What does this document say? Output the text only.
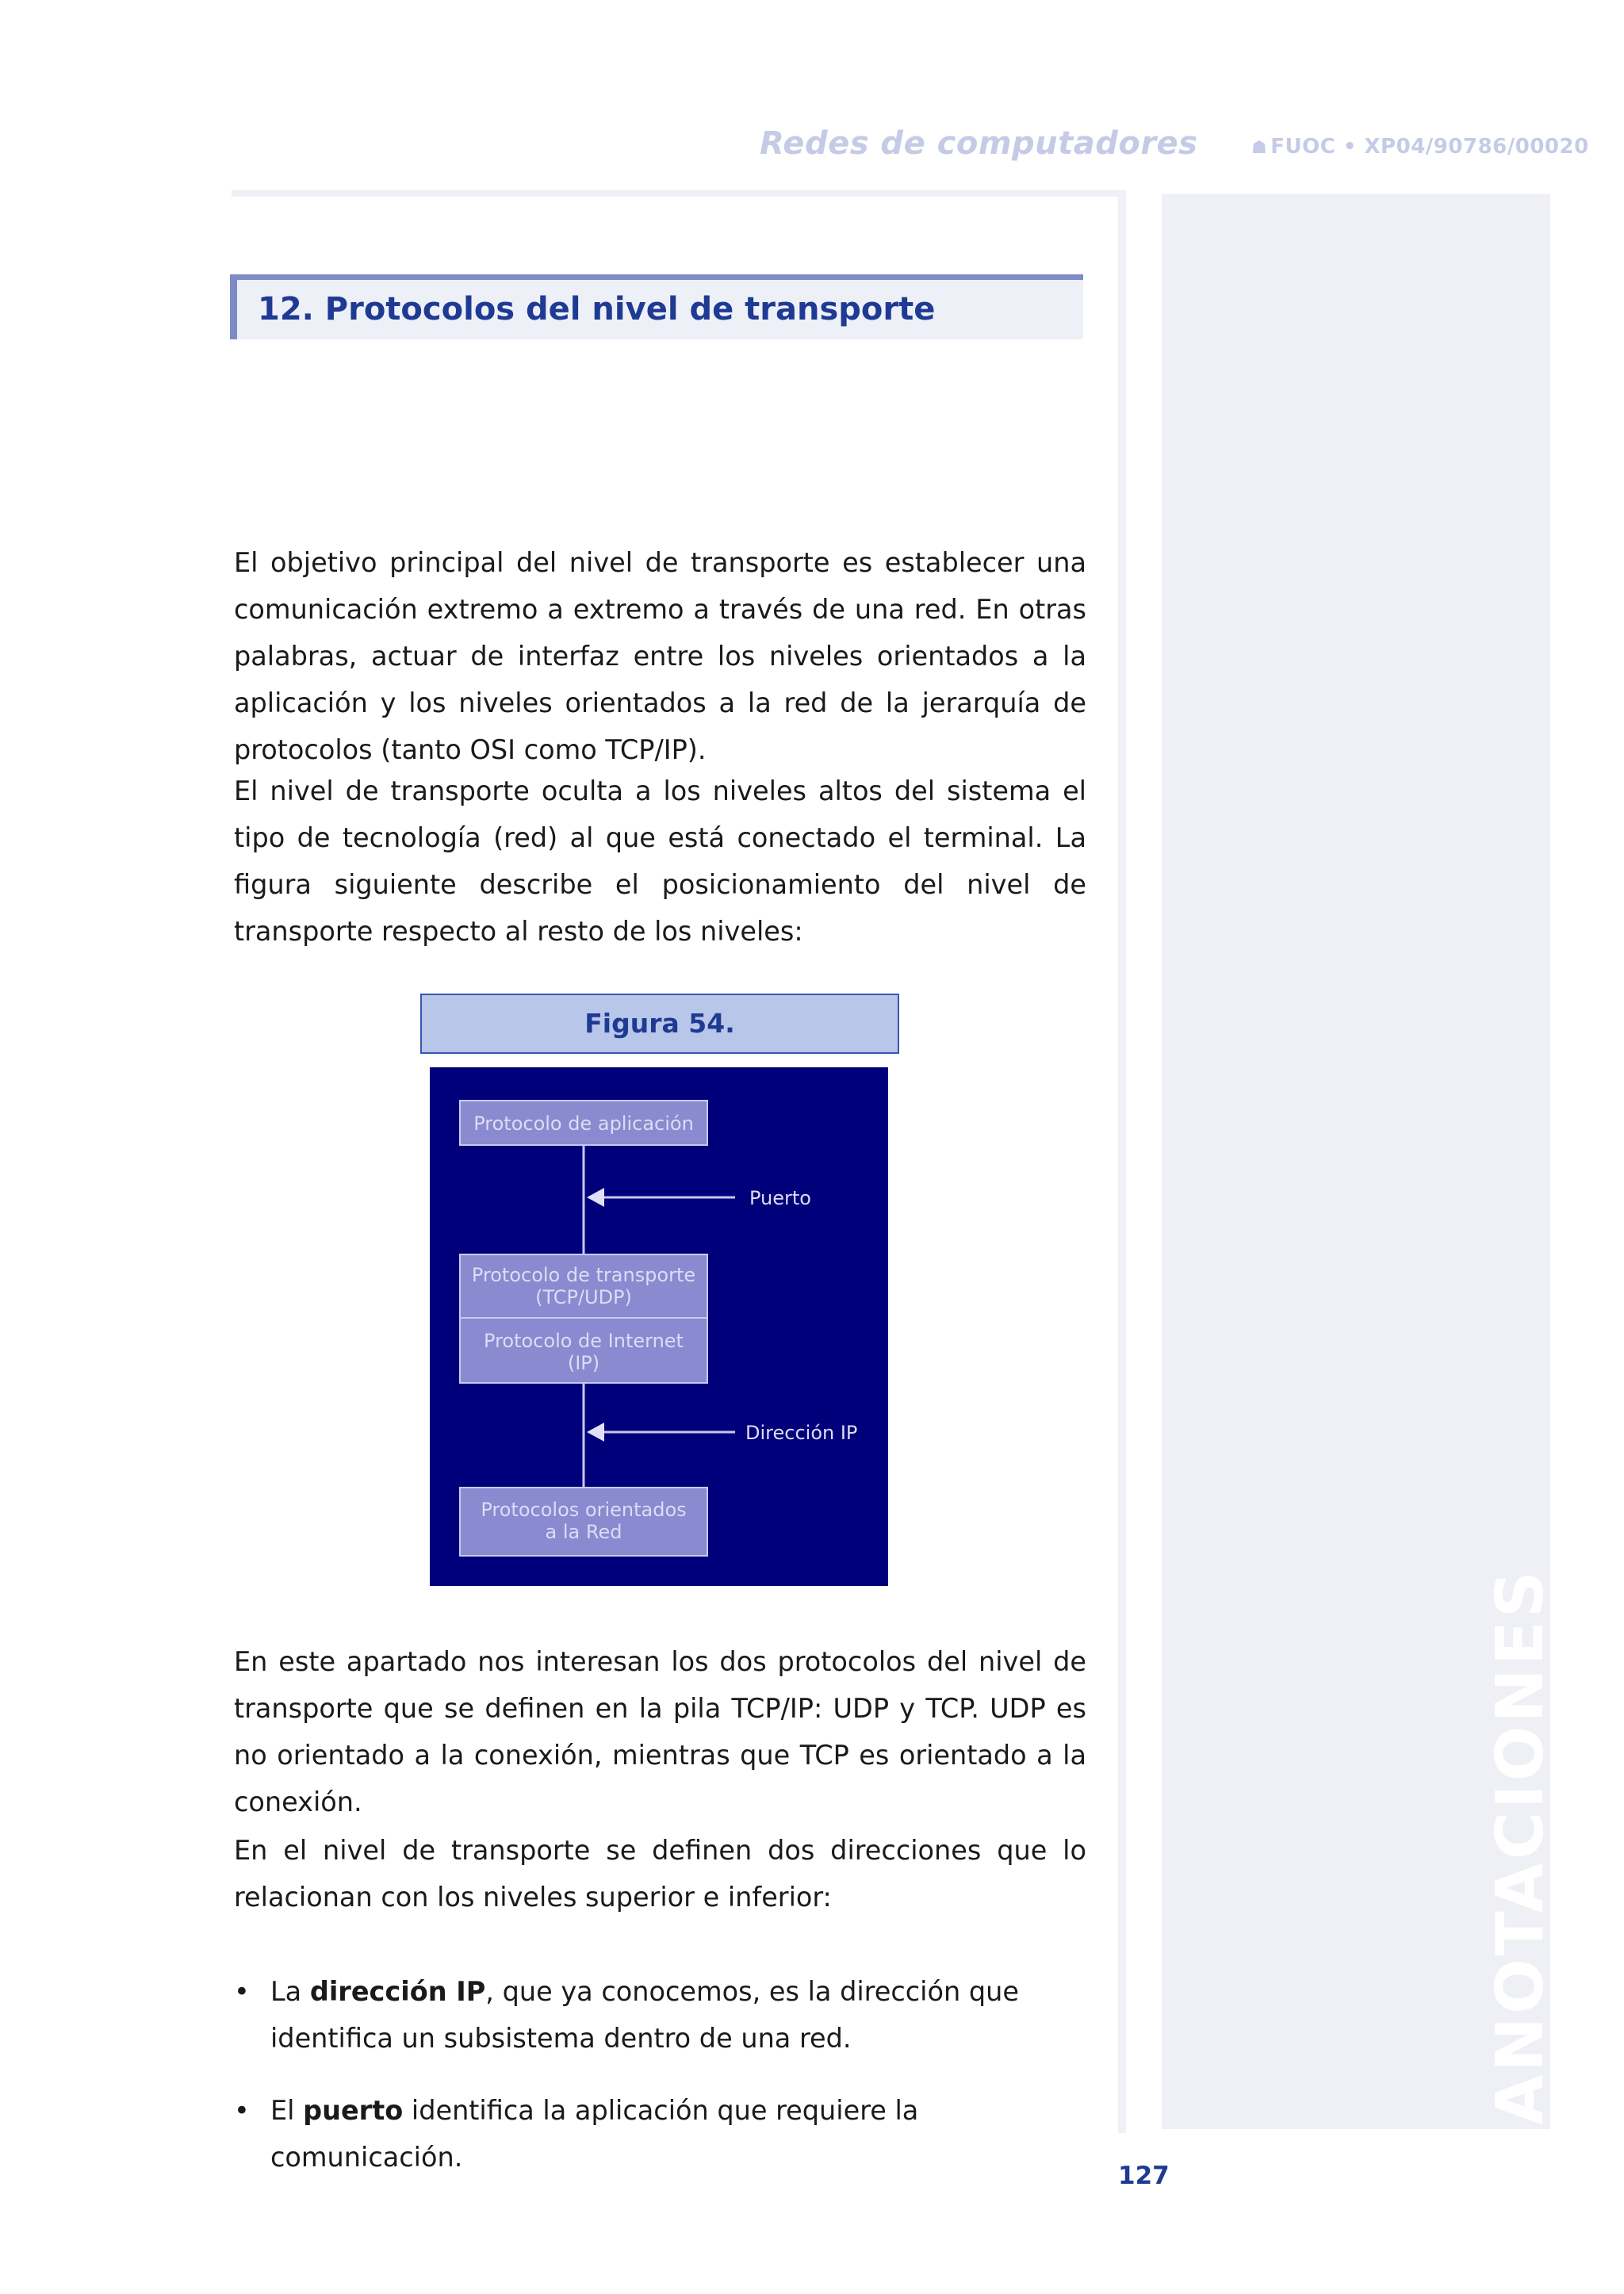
Redes de computadores	☗ FUOC • XP04/90786/00020
ANOTACIONES
12. Protocolos del nivel de transporte

El objetivo principal del nivel de transporte es establecer una comunicación extremo a extremo a través de una red. En otras palabras, actuar de interfaz entre los niveles orientados a la aplicación y los niveles orientados a la red de la jerarquía de protocolos (tanto OSI como TCP/IP).

El nivel de transporte oculta a los niveles altos del sistema el tipo de tecnología (red) al que está conectado el terminal. La figura siguiente describe el posicionamiento del nivel de transporte respecto al resto de los niveles:

Figura 54.
Protocolo de aplicación
Puerto
Protocolo de transporte
(TCP/UDP)
Protocolo de Internet
(IP)
Dirección IP
Protocolos orientados
a la Red

En este apartado nos interesan los dos protocolos del nivel de transporte que se definen en la pila TCP/IP: UDP y TCP. UDP es no orientado a la conexión, mientras que TCP es orientado a la conexión.

En el nivel de transporte se definen dos direcciones que lo relacionan con los niveles superior e inferior:

• La dirección IP, que ya conocemos, es la dirección que identifica un subsistema dentro de una red.
• El puerto identifica la aplicación que requiere la comunicación.
127
